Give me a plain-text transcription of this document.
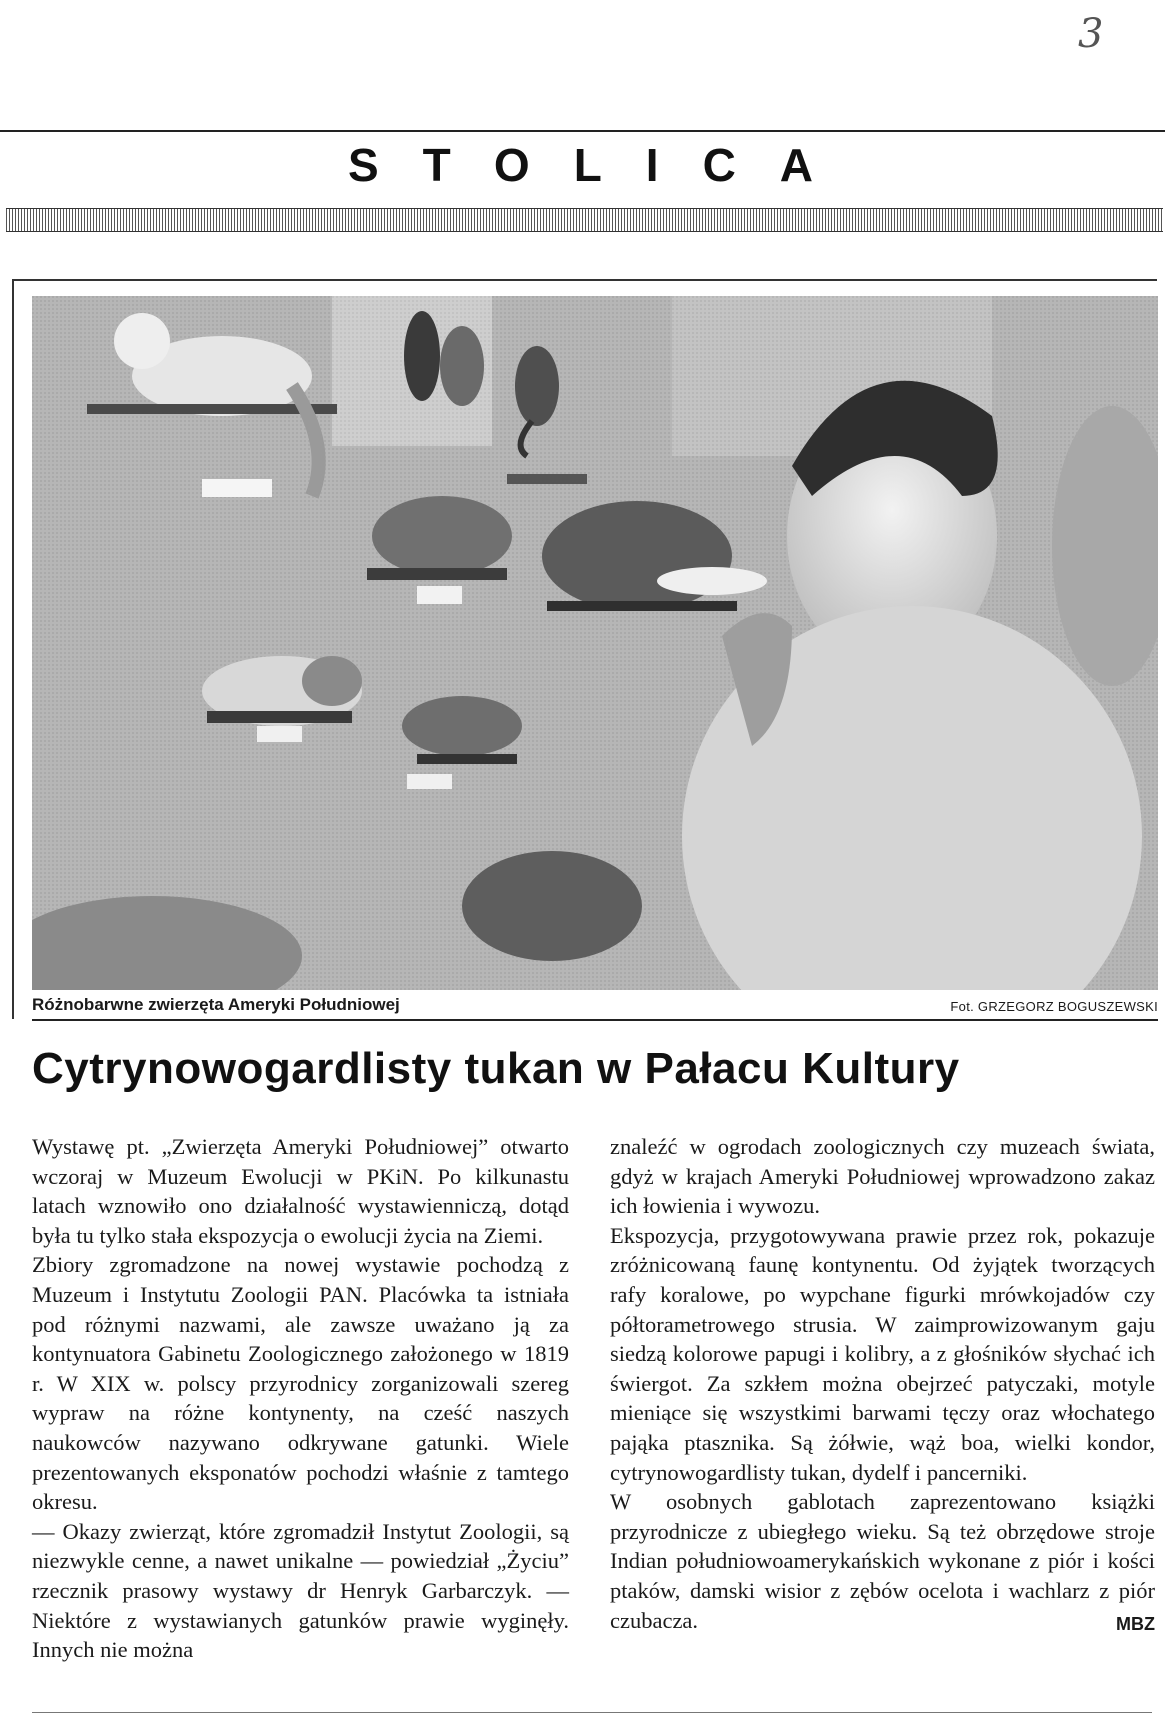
3
STOLICA
Różnobarwne zwierzęta Ameryki Południowej	Fot. GRZEGORZ BOGUSZEWSKI
Cytrynowogardlisty tukan w Pałacu Kultury

Wystawę pt. „Zwierzęta Ameryki Południowej” otwarto wczoraj w Muzeum Ewolucji w PKiN. Po kilkunastu latach wznowiło ono działalność wystawienniczą, dotąd była tu tylko stała ekspozycja o ewolucji życia na Ziemi.

Zbiory zgromadzone na nowej wystawie pochodzą z Muzeum i Instytutu Zoologii PAN. Placówka ta istniała pod różnymi nazwami, ale zawsze uważano ją za kontynuatora Gabinetu Zoologicznego założonego w 1819 r. W XIX w. polscy przyrodnicy zorganizowali szereg wypraw na różne kontynenty, na cześć naszych naukowców nazywano odkrywane gatunki. Wiele prezentowanych eksponatów pochodzi właśnie z tamtego okresu.

— Okazy zwierząt, które zgromadził Instytut Zoologii, są niezwykle cenne, a nawet unikalne — powiedział „Życiu” rzecznik prasowy wystawy dr Henryk Garbarczyk. — Niektóre z wystawianych gatunków prawie wyginęły. Innych nie można

znaleźć w ogrodach zoologicznych czy muzeach świata, gdyż w krajach Ameryki Południowej wprowadzono zakaz ich łowienia i wywozu.

Ekspozycja, przygotowywana prawie przez rok, pokazuje zróżnicowaną faunę kontynentu. Od żyjątek tworzących rafy koralowe, po wypchane figurki mrówkojadów czy półtorametrowego strusia. W zaimprowizowanym gaju siedzą kolorowe papugi i kolibry, a z głośników słychać ich świergot. Za szkłem można obejrzeć patyczaki, motyle mieniące się wszystkimi barwami tęczy oraz włochatego pająka ptasznika. Są żółwie, wąż boa, wielki kondor, cytrynowogardlisty tukan, dydelf i pancerniki.

W osobnych gablotach zaprezentowano książki przyrodnicze z ubiegłego wieku. Są też obrzędowe stroje Indian południowoamerykańskich wykonane z piór i kości ptaków, damski wisior z zębów ocelota i wachlarz z piór czubacza.	MBZ
